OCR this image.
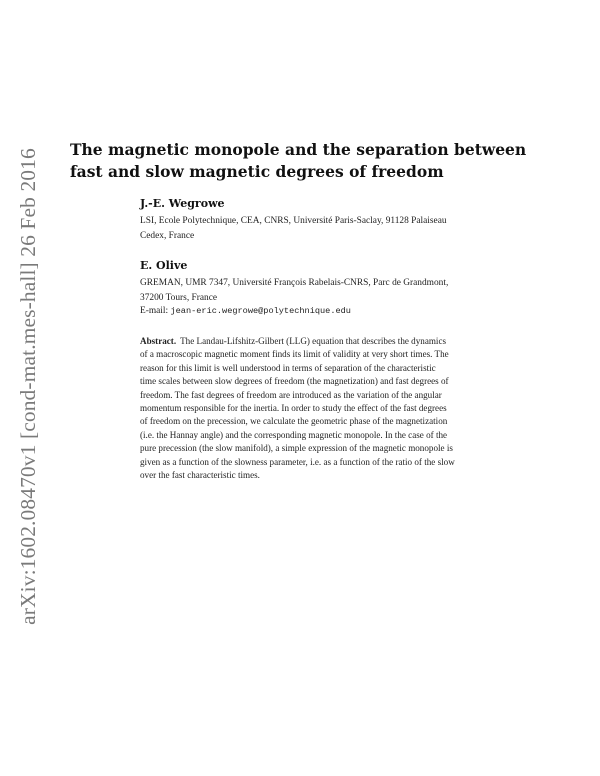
arXiv:1602.08470v1 [cond-mat.mes-hall] 26 Feb 2016 The magnetic monopole and the separation between
fast and slow magnetic degrees of freedom
J.-E. Wegrowe
LSI, Ecole Polytechnique, CEA, CNRS, Université Paris-Saclay, 91128 Palaiseau
Cedex, France
E. Olive
GREMAN, UMR 7347, Université François Rabelais-CNRS, Parc de Grandmont,
37200 Tours, France
E-mail: jean-eric.wegrowe@polytechnique.edu
Abstract. The Landau-Lifshitz-Gilbert (LLG) equation that describes the dynamics
of a macroscopic magnetic moment finds its limit of validity at very short times. The
reason for this limit is well understood in terms of separation of the characteristic
time scales between slow degrees of freedom (the magnetization) and fast degrees of
freedom. The fast degrees of freedom are introduced as the variation of the angular
momentum responsible for the inertia. In order to study the effect of the fast degrees
of freedom on the precession, we calculate the geometric phase of the magnetization
(i.e. the Hannay angle) and the corresponding magnetic monopole. In the case of the
pure precession (the slow manifold), a simple expression of the magnetic monopole is
given as a function of the slowness parameter, i.e. as a function of the ratio of the slow
over the fast characteristic times.
